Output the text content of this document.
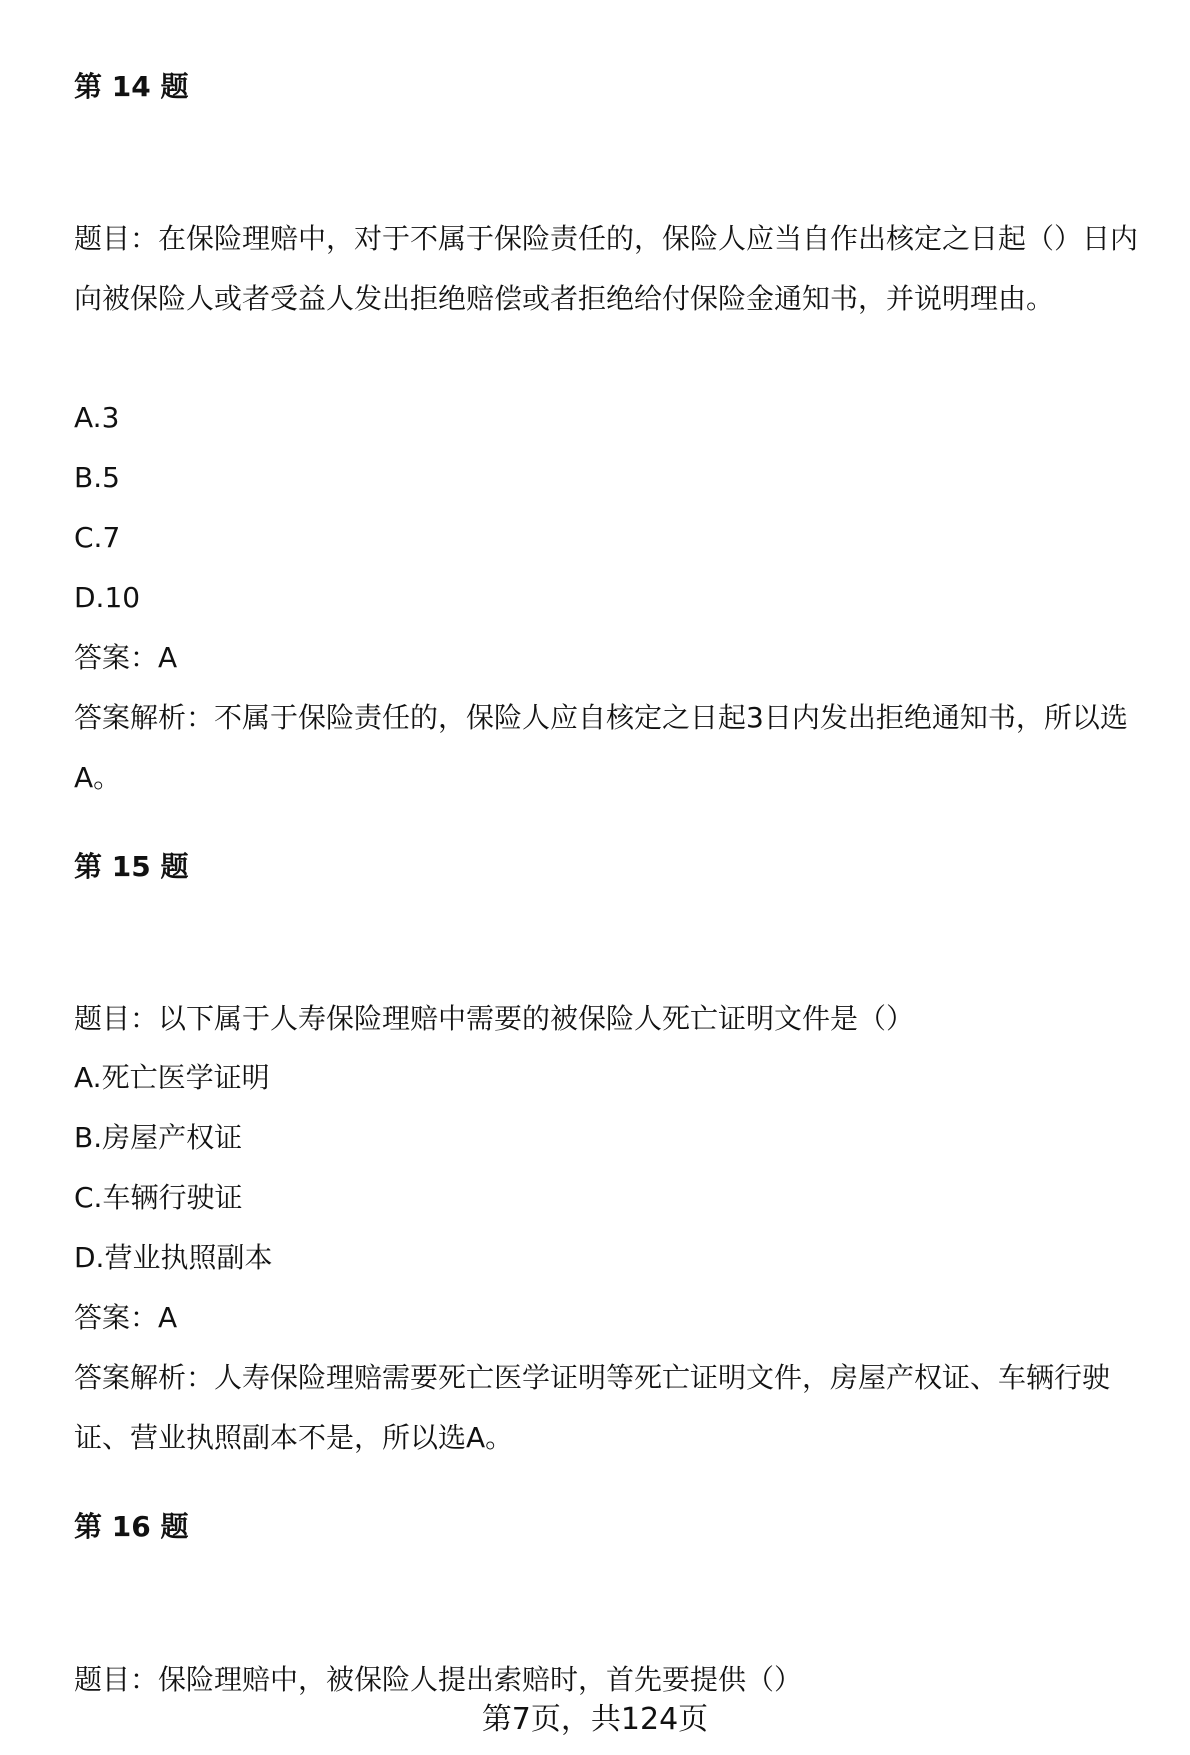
第 14 题
题目：在保险理赔中，对于不属于保险责任的，保险人应当自作出核定之日起（）日内向被保险人或者受益人发出拒绝赔偿或者拒绝给付保险金通知书，并说明理由。
A.3
B.5
C.7
D.10
答案：A
答案解析：不属于保险责任的，保险人应自核定之日起3日内发出拒绝通知书，所以选A。
第 15 题
题目：以下属于人寿保险理赔中需要的被保险人死亡证明文件是（）
A.死亡医学证明
B.房屋产权证
C.车辆行驶证
D.营业执照副本
答案：A
答案解析：人寿保险理赔需要死亡医学证明等死亡证明文件，房屋产权证、车辆行驶证、营业执照副本不是，所以选A。
第 16 题
题目：保险理赔中，被保险人提出索赔时，首先要提供（）
第7页，共124页
